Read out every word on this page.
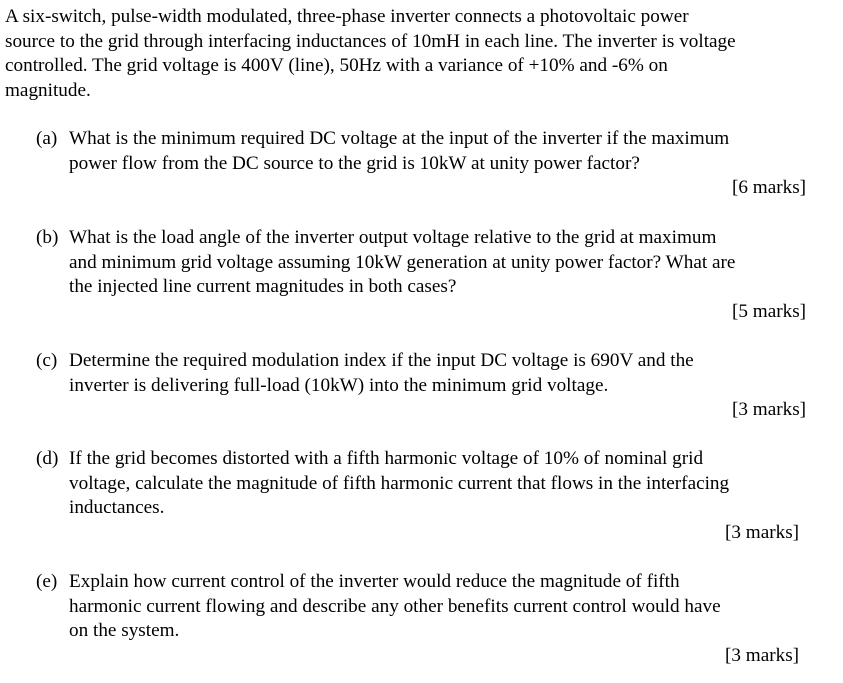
A six-switch, pulse-width modulated, three-phase inverter connects a photovoltaic power
source to the grid through interfacing inductances of 10mH in each line. The inverter is voltage
controlled. The grid voltage is 400V (line), 50Hz with a variance of +10% and -6% on
magnitude.
(a) What is the minimum required DC voltage at the input of the inverter if the maximum
power flow from the DC source to the grid is 10kW at unity power factor?
[6 marks]
(b) What is the load angle of the inverter output voltage relative to the grid at maximum
and minimum grid voltage assuming 10kW generation at unity power factor? What are
the injected line current magnitudes in both cases?
[5 marks]
(c) Determine the required modulation index if the input DC voltage is 690V and the
inverter is delivering full-load (10kW) into the minimum grid voltage.
[3 marks]
(d) If the grid becomes distorted with a fifth harmonic voltage of 10% of nominal grid
voltage, calculate the magnitude of fifth harmonic current that flows in the interfacing
inductances.
[3 marks]
(e) Explain how current control of the inverter would reduce the magnitude of fifth
harmonic current flowing and describe any other benefits current control would have
on the system.
[3 marks]
